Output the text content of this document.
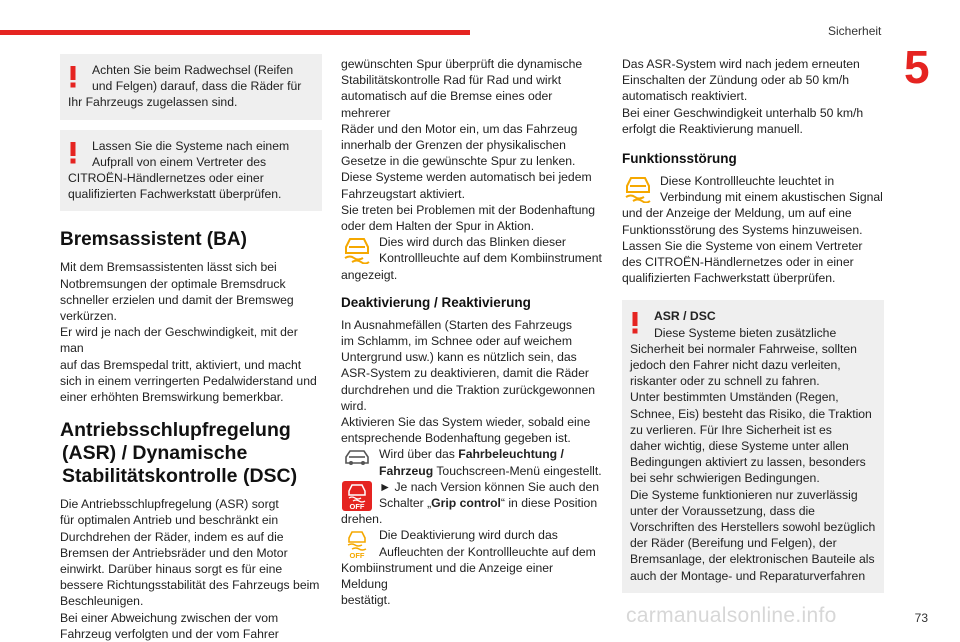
Sicherheit
5
73
carmanualsonline.info

Achten Sie beim Radwechsel (Reifen

und Felgen) darauf, dass die Räder für

Ihr Fahrzeugs zugelassen sind.

Lassen Sie die Systeme nach einem

Aufprall von einem Vertreter des

CITROËN-Händlernetzes oder einer

qualifizierten Fachwerkstatt überprüfen.

Bremsassistent (BA)

Mit dem Bremsassistenten lässt sich bei

Notbremsungen der optimale Bremsdruck

schneller erzielen und damit der Bremsweg

verkürzen.

Er wird je nach der Geschwindigkeit, mit der man

auf das Bremspedal tritt, aktiviert, und macht

sich in einem verringerten Pedalwiderstand und

einer erhöhten Bremswirkung bemerkbar.

Antriebsschlupfregelung
(ASR) / Dynamische
Stabilitätskontrolle (DSC)

Die Antriebsschlupfregelung (ASR) sorgt

für optimalen Antrieb und beschränkt ein

Durchdrehen der Räder, indem es auf die

Bremsen der Antriebsräder und den Motor

einwirkt. Darüber hinaus sorgt es für eine

bessere Richtungsstabilität des Fahrzeugs beim

Beschleunigen.

Bei einer Abweichung zwischen der vom

Fahrzeug verfolgten und der vom Fahrer

gewünschten Spur überprüft die dynamische

Stabilitätskontrolle Rad für Rad und wirkt

automatisch auf die Bremse eines oder mehrerer

Räder und den Motor ein, um das Fahrzeug

innerhalb der Grenzen der physikalischen

Gesetze in die gewünschte Spur zu lenken.

Diese Systeme werden automatisch bei jedem

Fahrzeugstart aktiviert.

Sie treten bei Problemen mit der Bodenhaftung

oder dem Halten der Spur in Aktion.

Dies wird durch das Blinken dieser

Kontrollleuchte auf dem Kombiinstrument

angezeigt.

Deaktivierung / Reaktivierung

In Ausnahmefällen (Starten des Fahrzeugs

im Schlamm, im Schnee oder auf weichem

Untergrund usw.) kann es nützlich sein, das

ASR-System zu deaktivieren, damit die Räder

durchdrehen und die Traktion zurückgewonnen

wird.

Aktivieren Sie das System wieder, sobald eine

entsprechende Bodenhaftung gegeben ist.

Wird über das Fahrbeleuchtung /

Fahrzeug Touchscreen-Menü eingestellt.

OFF

► Je nach Version können Sie auch den

Schalter „Grip control“ in diese Position

drehen.

OFF

Die Deaktivierung wird durch das

Aufleuchten der Kontrollleuchte auf dem

Kombiinstrument und die Anzeige einer Meldung

bestätigt.

Das ASR-System wird nach jedem erneuten

Einschalten der Zündung oder ab 50 km/h

automatisch reaktiviert.

Bei einer Geschwindigkeit unterhalb 50 km/h

erfolgt die Reaktivierung manuell.

Funktionsstörung

Diese Kontrollleuchte leuchtet in

Verbindung mit einem akustischen Signal

und der Anzeige der Meldung, um auf eine

Funktionsstörung des Systems hinzuweisen.

Lassen Sie die Systeme von einem Vertreter

des CITROËN-Händlernetzes oder in einer

qualifizierten Fachwerkstatt überprüfen.

ASR / DSC

Diese Systeme bieten zusätzliche

Sicherheit bei normaler Fahrweise, sollten

jedoch den Fahrer nicht dazu verleiten,

riskanter oder zu schnell zu fahren.

Unter bestimmten Umständen (Regen,

Schnee, Eis) besteht das Risiko, die Traktion

zu verlieren. Für Ihre Sicherheit ist es

daher wichtig, diese Systeme unter allen

Bedingungen aktiviert zu lassen, besonders

bei sehr schwierigen Bedingungen.

Die Systeme funktionieren nur zuverlässig

unter der Voraussetzung, dass die

Vorschriften des Herstellers sowohl bezüglich

der Räder (Bereifung und Felgen), der

Bremsanlage, der elektronischen Bauteile als

auch der Montage- und Reparaturverfahren
